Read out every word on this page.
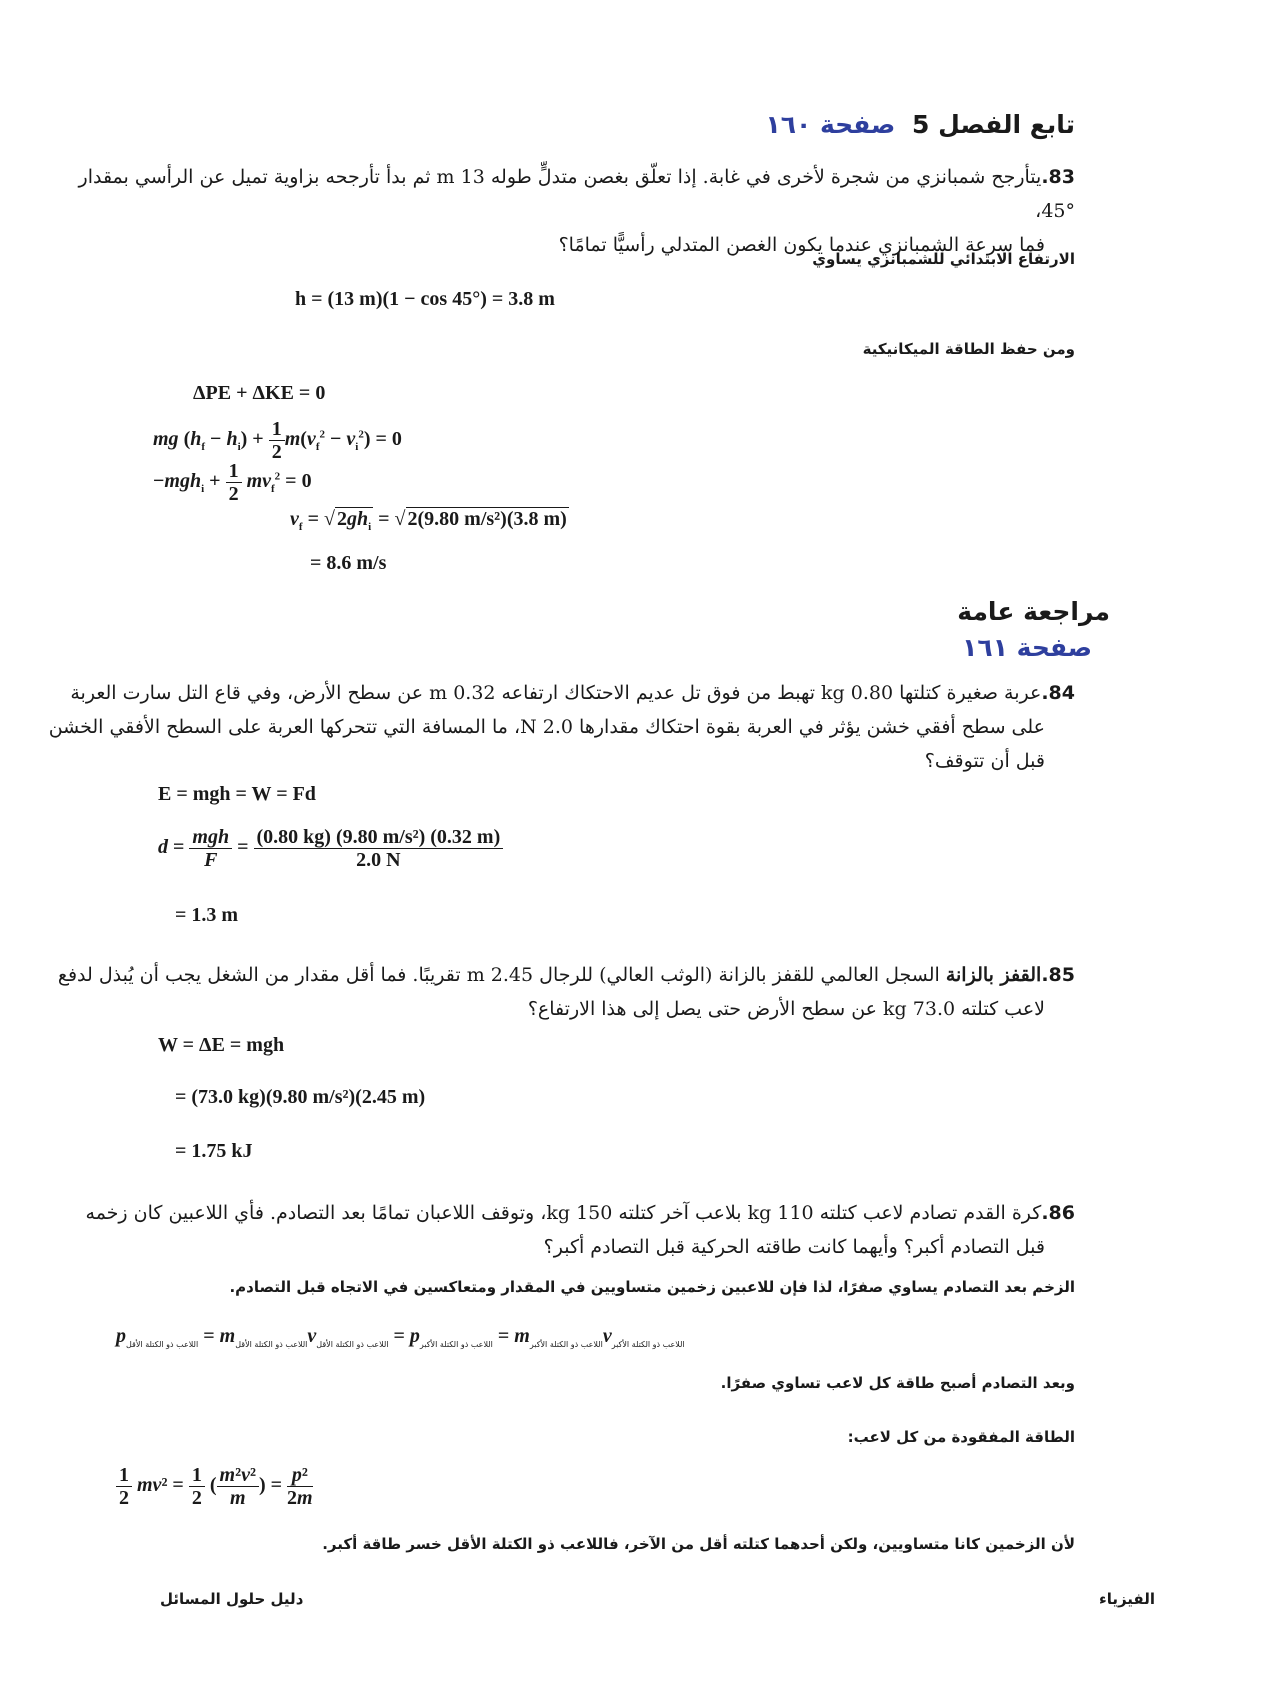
تابع الفصل 5 صفحة ١٦٠
83.يتأرجح شمبانزي من شجرة لأخرى في غابة. إذا تعلّق بغصن متدلٍّ طوله 13 m ثم بدأ تأرجحه بزاوية تميل عن الرأسي بمقدار °45،
فما سرعة الشمبانزي عندما يكون الغصن المتدلي رأسيًّا تمامًا؟
الارتفاع الابتدائي للشمبانزي يساوي
h = (13 m)(1 − cos 45°) = 3.8 m
ومن حفظ الطاقة الميكانيكية
ΔPE + ΔKE = 0
mg $(h_f - h_i) + \frac{1}{2} m(v_f^2 - v_i^2) = 0$
$-mgh_i + \frac{1}{2} mv_f^2 = 0$
$v_f$ = √ $2gh_i$ = √ 2(9.80 m/s²)(3.8 m)
= 8.6 m/s
مراجعة عامة
صفحة ١٦١
84.عربة صغيرة كتلتها 0.80 kg تهبط من فوق تل عديم الاحتكاك ارتفاعه 0.32 m عن سطح الأرض، وفي قاع التل سارت العربة
على سطح أفقي خشن يؤثر في العربة بقوة احتكاك مقدارها 2.0 N، ما المسافة التي تتحركها العربة على السطح الأفقي الخشن
قبل أن تتوقف؟
E = mgh = W = Fd
$d = \frac{\text{mgh}}{F} = \frac{\text{(0.80 kg) (9.80 m/s²) (0.32 m)}}{2.0 N}$
= 1.3 m
85.القفز بالزانة السجل العالمي للقفز بالزانة (الوثب العالي) للرجال 2.45 m تقريبًا. فما أقل مقدار من الشغل يجب أن يُبذل لدفع
لاعب كتلته 73.0 kg عن سطح الأرض حتى يصل إلى هذا الارتفاع؟
W = ΔE = mgh
= (73.0 kg)(9.80 m/s²)(2.45 m)
= 1.75 kJ
86.كرة القدم تصادم لاعب كتلته 110 kg بلاعب آخر كتلته 150 kg، وتوقف اللاعبان تمامًا بعد التصادم. فأي اللاعبين كان زخمه
قبل التصادم أكبر؟ وأيهما كانت طاقته الحركية قبل التصادم أكبر؟
الزخم بعد التصادم يساوي صفرًا، لذا فإن للاعبين زخمين متساويين في المقدار ومتعاكسين في الاتجاه قبل التصادم.
$p_{اللاعب ذو الكتلة الأقل} = m_{اللاعب ذو الكتلة الأقل}v_{اللاعب ذو الكتلة الأقل} = p_{اللاعب ذو الكتلة الأكبر} = m_{اللاعب ذو الكتلة الأكبر}v_{اللاعب ذو الكتلة الأكبر}$
وبعد التصادم أصبح طاقة كل لاعب تساوي صفرًا.
الطاقة المفقودة من كل لاعب:
$\frac{1}{2} mv^2 = \frac{1}{2}$ ( $\frac{\text{m²v²}}{m}$ ) = $\frac{\text{p²}}{2m}$
لأن الزخمين كانا متساويين، ولكن أحدهما كتلته أقل من الآخر، فاللاعب ذو الكتلة الأقل خسر طاقة أكبر.
الفيزياء
دليل حلول المسائل
